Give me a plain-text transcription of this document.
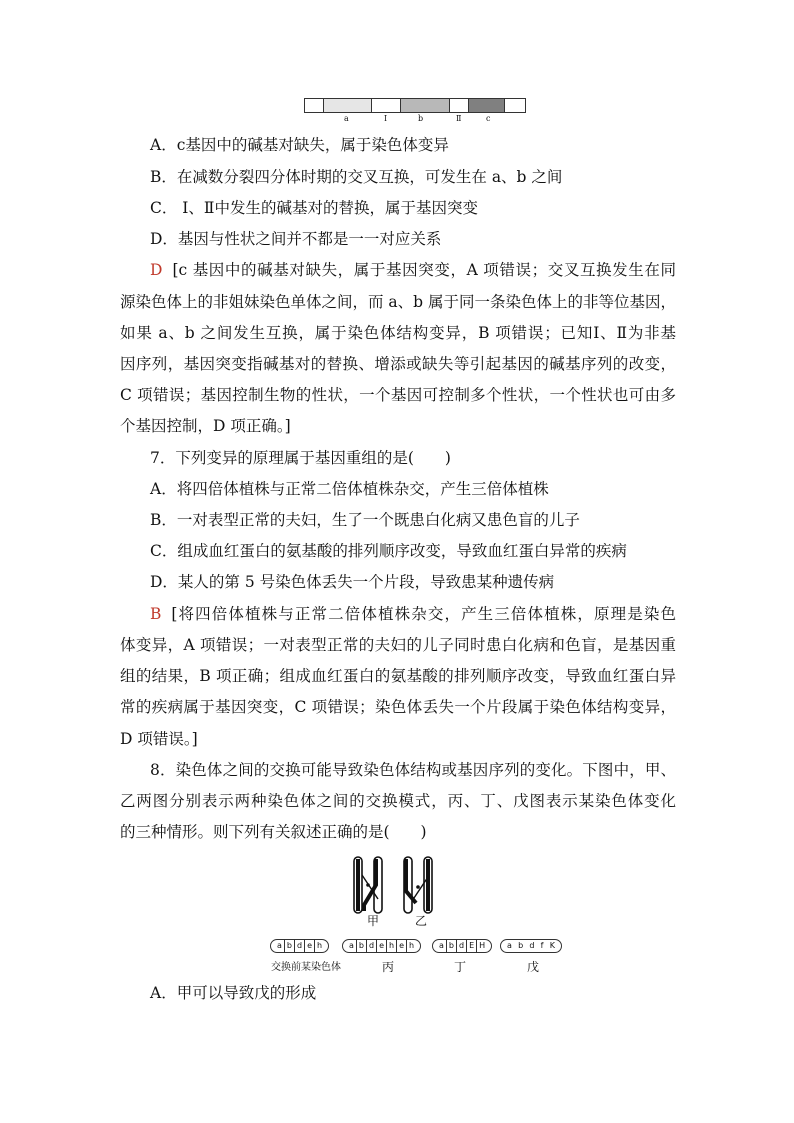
a	Ⅰ	b	Ⅱ	c
A．c基因中的碱基对缺失，属于染色体变异
B．在减数分裂四分体时期的交叉互换，可发生在 a、b 之间
C． Ⅰ、Ⅱ中发生的碱基对的替换，属于基因突变
D．基因与性状之间并不都是一一对应关系
D [c 基因中的碱基对缺失，属于基因突变，A 项错误；交叉互换发生在同
源染色体上的非姐妹染色单体之间，而 a、b 属于同一条染色体上的非等位基因，
如果 a、b 之间发生互换，属于染色体结构变异，B 项错误；已知Ⅰ、Ⅱ为非基
因序列，基因突变指碱基对的替换、增添或缺失等引起基因的碱基序列的改变，
C 项错误；基因控制生物的性状，一个基因可控制多个性状，一个性状也可由多
个基因控制，D 项正确。]
7．下列变异的原理属于基因重组的是(　　)
A．将四倍体植株与正常二倍体植株杂交，产生三倍体植株
B．一对表型正常的夫妇，生了一个既患白化病又患色盲的儿子
C．组成血红蛋白的氨基酸的排列顺序改变，导致血红蛋白异常的疾病
D．某人的第 5 号染色体丢失一个片段，导致患某种遗传病
B [将四倍体植株与正常二倍体植株杂交，产生三倍体植株，原理是染色
体变异，A 项错误；一对表型正常的夫妇的儿子同时患白化病和色盲，是基因重
组的结果，B 项正确；组成血红蛋白的氨基酸的排列顺序改变，导致血红蛋白异
常的疾病属于基因突变，C 项错误；染色体丢失一个片段属于染色体结构变异，
D 项错误。]
8．染色体之间的交换可能导致染色体结构或基因序列的变化。下图中，甲、
乙两图分别表示两种染色体之间的交换模式，丙、丁、戊图表示某染色体变化
的三种情形。则下列有关叙述正确的是(　　)
甲	乙
a b d e h	a b d e h e h	a b d E H	a b d f K
交换前某染色体	丙	丁	戊
A．甲可以导致戊的形成
